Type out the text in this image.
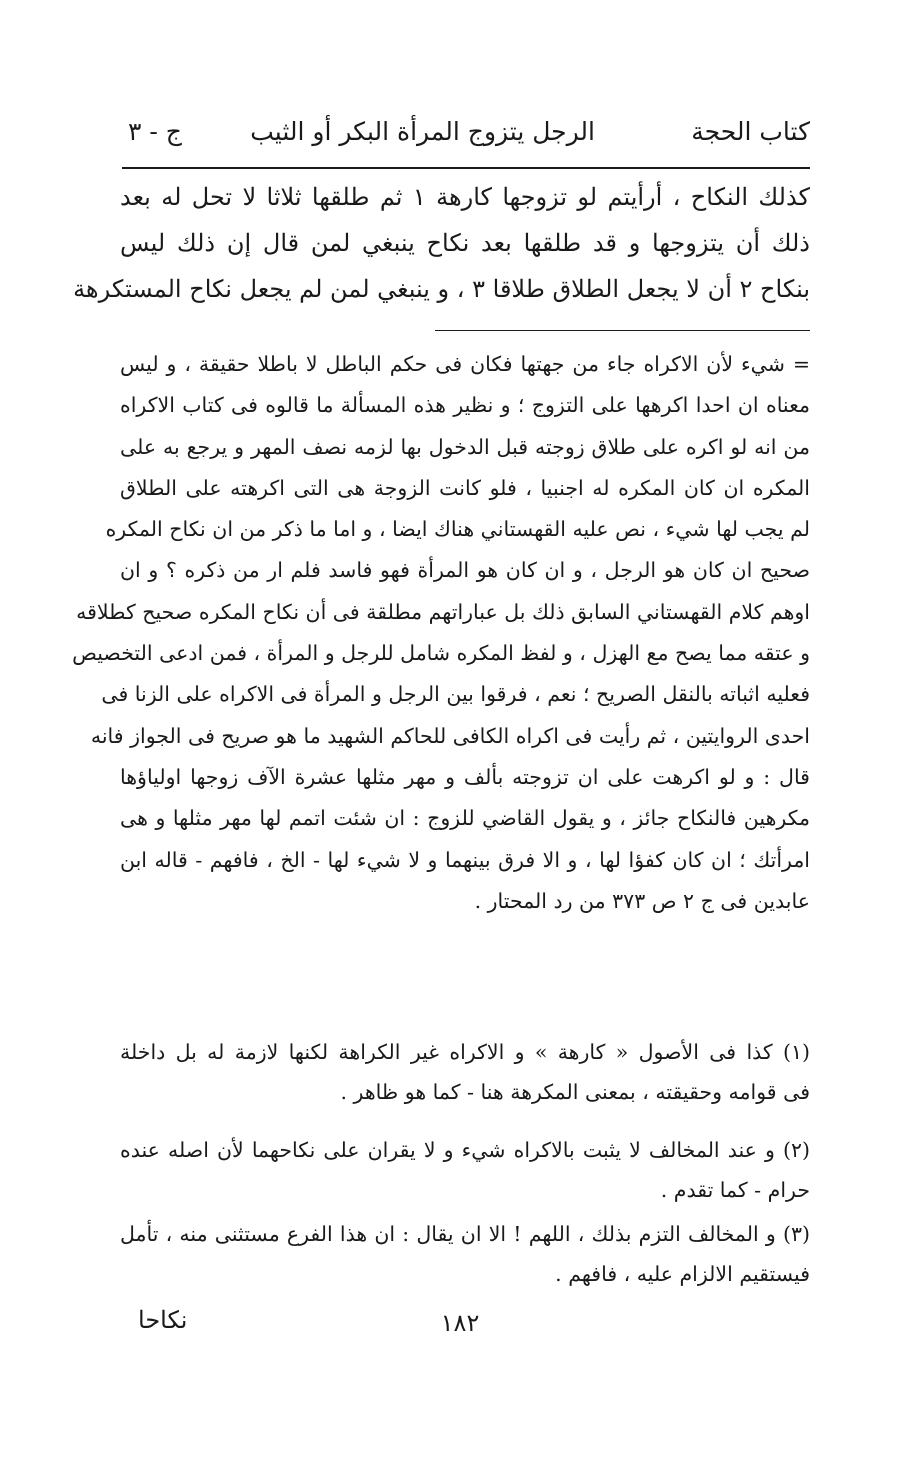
كتاب الحجة
الرجل يتزوج المرأة البكر أو الثيب
ج - ٣
كذلك النكاح ، أرأيتم لو تزوجها كارهة ١ ثم طلقها ثلاثا لا تحل له بعد
ذلك أن يتزوجها و قد طلقها بعد نكاح ينبغي لمن قال إن ذلك ليس
بنكاح ٢ أن لا يجعل الطلاق طلاقا ٣ ، و ينبغي لمن لم يجعل نكاح المستكرهة
= شيء لأن الاكراه جاء من جهتها فكان فى حكم الباطل لا باطلا حقيقة ، و ليس
معناه ان احدا اكرهها على التزوج ؛ و نظير هذه المسألة ما قالوه فى كتاب الاكراه
من انه لو اكره على طلاق زوجته قبل الدخول بها لزمه نصف المهر و يرجع به على
المكره ان كان المكره له اجنبيا ، فلو كانت الزوجة هى التى اكرهته على الطلاق
لم يجب لها شيء ، نص عليه القهستاني هناك ايضا ، و اما ما ذكر من ان نكاح المكره
صحيح ان كان هو الرجل ، و ان كان هو المرأة فهو فاسد فلم ار من ذكره ؟ و ان
اوهم كلام القهستاني السابق ذلك بل عباراتهم مطلقة فى أن نكاح المكره صحيح كطلاقه
و عتقه مما يصح مع الهزل ، و لفظ المكره شامل للرجل و المرأة ، فمن ادعى التخصيص
فعليه اثباته بالنقل الصريح ؛ نعم ، فرقوا بين الرجل و المرأة فى الاكراه على الزنا فى
احدى الروايتين ، ثم رأيت فى اكراه الكافى للحاكم الشهيد ما هو صريح فى الجواز فانه
قال : و لو اكرهت على ان تزوجته بألف و مهر مثلها عشرة الآف زوجها اولياؤها
مكرهين فالنكاح جائز ، و يقول القاضي للزوج : ان شئت اتمم لها مهر مثلها و هى
امرأتك ؛ ان كان كفؤا لها ، و الا فرق بينهما و لا شيء لها - الخ ، فافهم - قاله ابن
عابدين فى ج ٢ ص ٣٧٣ من رد المحتار .
(١) كذا فى الأصول « كارهة » و الاكراه غير الكراهة لكنها لازمة له بل داخلة
فى قوامه وحقيقته ، بمعنى المكرهة هنا - كما هو ظاهر .
(٢) و عند المخالف لا يثبت بالاكراه شيء و لا يقران على نكاحهما لأن اصله عنده
حرام - كما تقدم .
(٣) و المخالف التزم بذلك ، اللهم ! الا ان يقال : ان هذا الفرع مستثنى منه ، تأمل
فيستقيم الالزام عليه ، فافهم .
نكاحا	١٨٢
